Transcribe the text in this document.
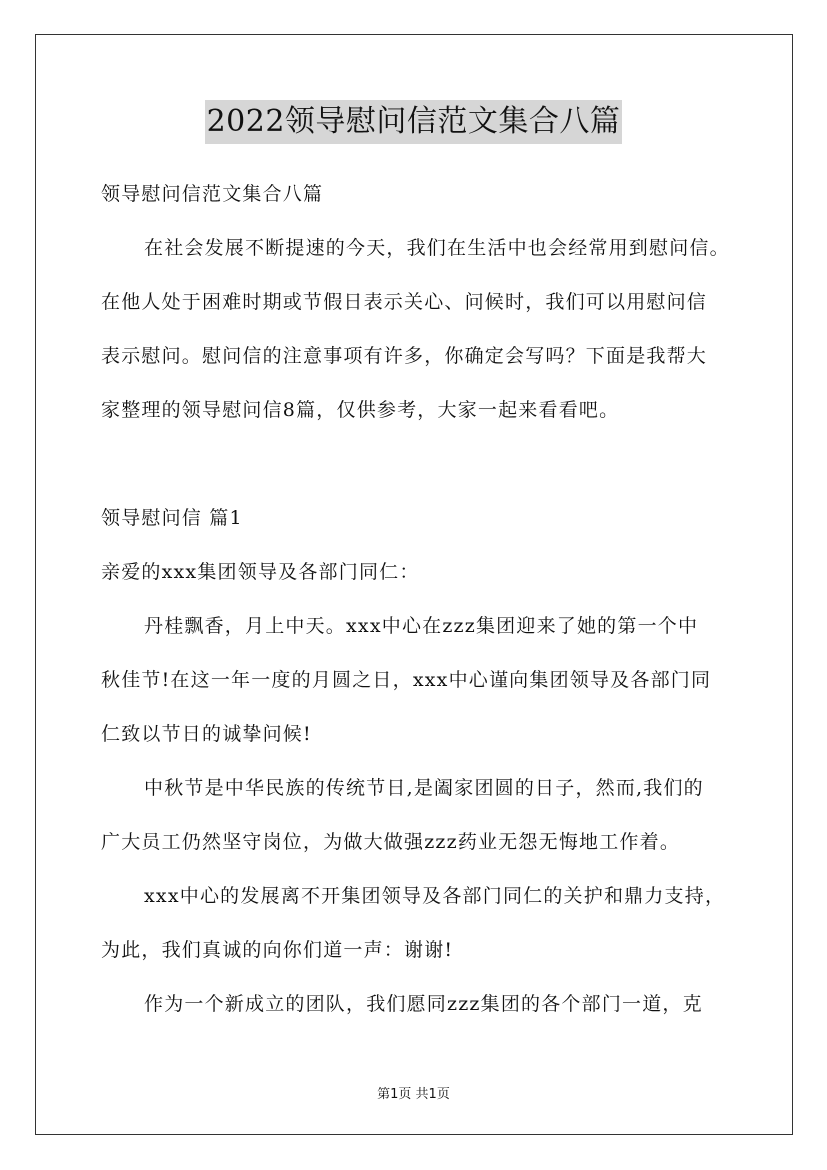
2022领导慰问信范文集合八篇
领导慰问信范文集合八篇
在社会发展不断提速的今天，我们在生活中也会经常用到慰问信。
在他人处于困难时期或节假日表示关心、问候时，我们可以用慰问信
表示慰问。慰问信的注意事项有许多，你确定会写吗？下面是我帮大
家整理的领导慰问信8篇，仅供参考，大家一起来看看吧。
领导慰问信 篇1
亲爱的xxx集团领导及各部门同仁：
丹桂飘香，月上中天。xxx中心在zzz集团迎来了她的第一个中
秋佳节!在这一年一度的月圆之日，xxx中心谨向集团领导及各部门同
仁致以节日的诚挚问候!
中秋节是中华民族的传统节日,是阖家团圆的日子，然而,我们的
广大员工仍然坚守岗位，为做大做强zzz药业无怨无悔地工作着。
xxx中心的发展离不开集团领导及各部门同仁的关护和鼎力支持，
为此，我们真诚的向你们道一声：谢谢!
作为一个新成立的团队，我们愿同zzz集团的各个部门一道，克
第1页 共1页
